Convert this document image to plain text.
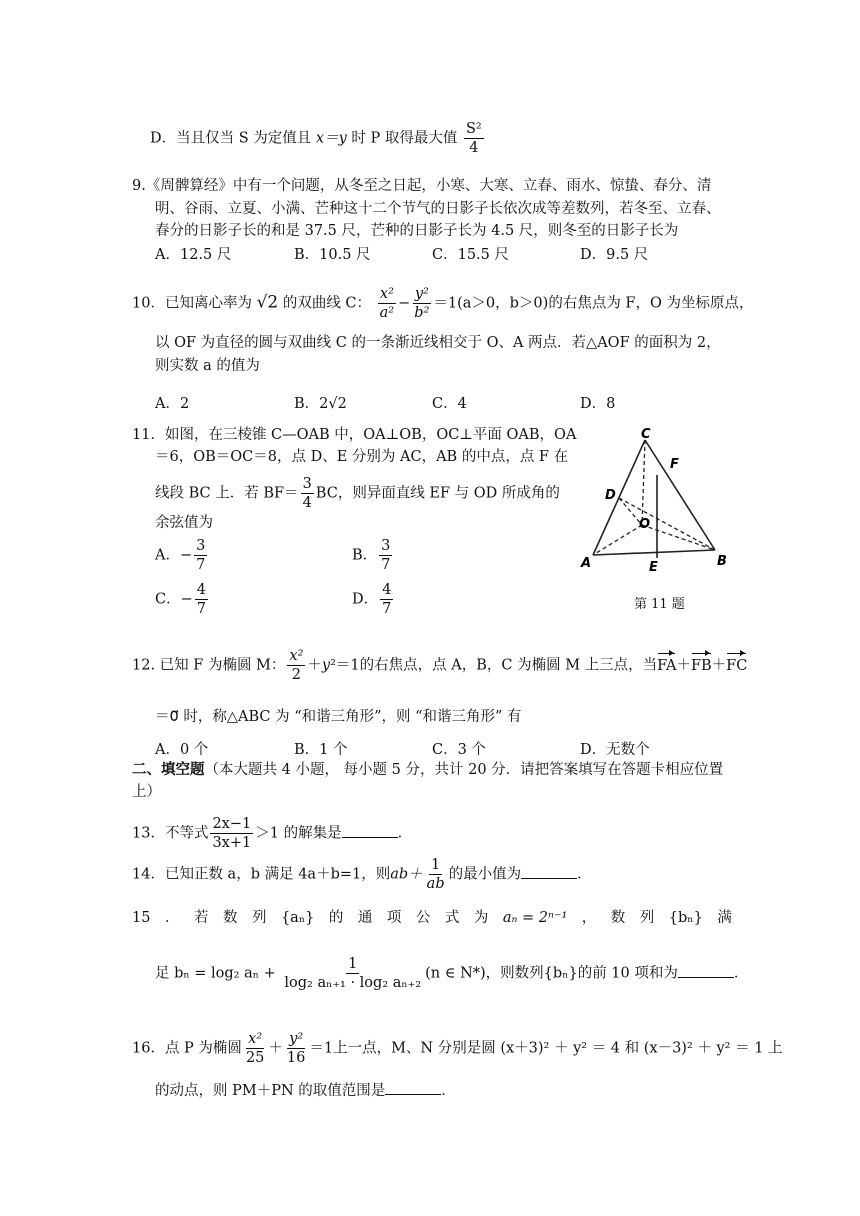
D．当且仅当 S 为定值且 x＝y 时 P 取得最大值 $\frac{\text{S²}}{4}$
9.《周髀算经》中有一个问题，从冬至之日起，小寒、大寒、立春、雨水、惊蛰、春分、清
明、谷雨、立夏、小满、芒种这十二个节气的日影子长依次成等差数列，若冬至、立春、
春分的日影子长的和是 37.5 尺，芒种的日影子长为 4.5 尺，则冬至的日影子长为
A．12.5 尺	B．10.5 尺	C．15.5 尺	D．9.5 尺
10．已知离心率为 √2 的双曲线 C： $\frac{\text{x²}}{\text{a²}} - \frac{\text{y²}}{\text{b²}} =1(a>0$，b＞0)的右焦点为 F，O 为坐标原点，
以 OF 为直径的圆与双曲线 C 的一条渐近线相交于 O、A 两点．若△AOF 的面积为 2，
则实数 a 的值为
A．2	B．2√2	C．4	D．8
11．如图，在三棱锥 C—OAB 中，OA⊥OB，OC⊥平面 OAB，OA
＝6，OB＝OC＝8，点 D、E 分别为 AC，AB 的中点，点 F 在
线段 BC 上．若 $BF= \frac{3}{4}$ BC，则异面直线 EF 与 OD 所成角的
余弦值为
A．− $\frac{3}{7}$	B． $\frac{3}{7}$
C．− $\frac{4}{7}$	D． $\frac{4}{7}$
C
F
D
O
A	E	B
第 11 题
12. 已知 F 为椭圆 M： $\frac{\text{x²}}{2} +y^2=1$的右焦点，点 A，B，C 为椭圆 M 上三点，当FA＋FB＋FC
＝0⃗ 时，称△ABC 为 “和谐三角形”，则 “和谐三角形” 有
A．0 个	B．1 个	C．3 个	D．无数个
二、填空题（本大题共 4 小题， 每小题 5 分，共计 20 分．请把答案填写在答题卡相应位置
上）
13．不等式 $\frac{2x-1}{3x+1} >1$ 的解集是	．
14．已知正数 a，b 满足 4a＋b=1，则$ab+ \frac{1}{ab}$ 的最小值为	．
15 ． 若 数 列 {aₙ} 的 通 项 公 式 为 aₙ = 2ⁿ⁻¹ ， 数 列 {bₙ} 满
足 bₙ = log₂ $a_n + \frac{1}{\text{log₂ aₙ₊₁ · log₂ aₙ₊₂}} (n$ ∈ N*)，则数列{bₙ}的前 10 项和为	．
16．点 P 为椭圆 $\frac{\text{x²}}{25} + \frac{\text{y²}}{16} =1$上一点，M、N 分别是圆 (x＋3)² ＋ y² ＝ 4 和 (x－3)² ＋ y² ＝ 1 上
的动点，则 PM＋PN 的取值范围是	．
